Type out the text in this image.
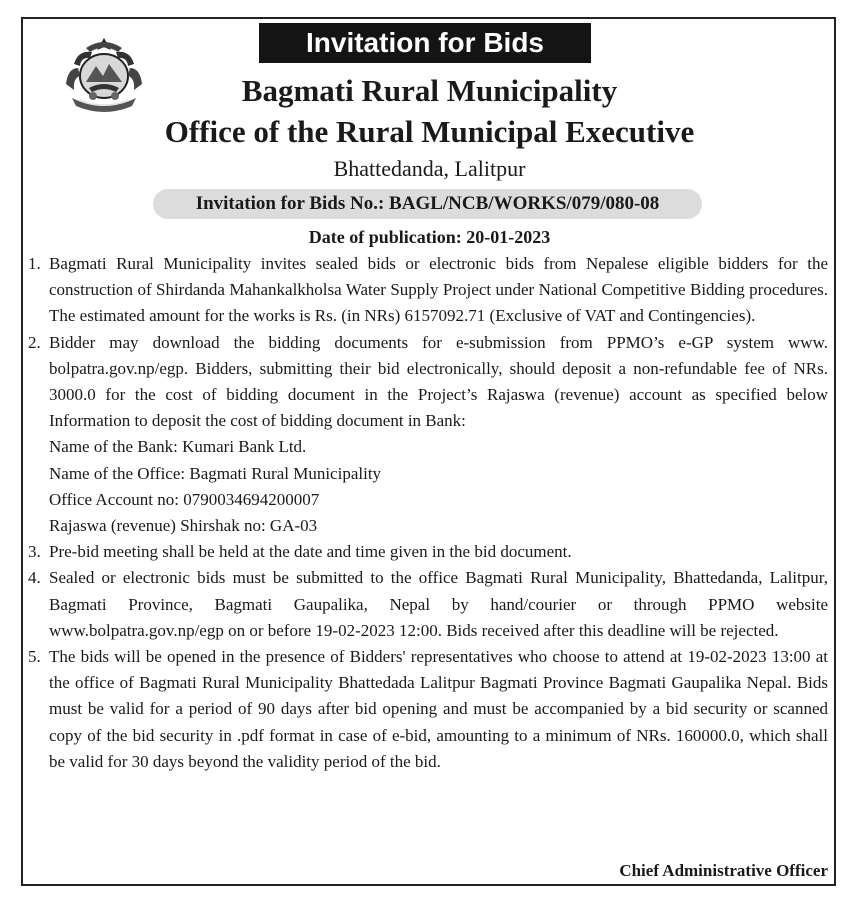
Invitation for Bids
Bagmati Rural Municipality
Office of the Rural Municipal Executive
Bhattedanda, Lalitpur
Invitation for Bids No.: BAGL/NCB/WORKS/079/080-08
Date of publication: 20-01-2023
1. Bagmati Rural Municipality invites sealed bids or electronic bids from Nepalese eligible bidders for the construction of Shirdanda Mahankalkholsa Water Supply Project under National Competitive Bidding procedures. The estimated amount for the works is Rs. (in NRs) 6157092.71 (Exclusive of VAT and Contingencies).
2. Bidder may download the bidding documents for e-submission from PPMO’s e-GP system www. bolpatra.gov.np/egp. Bidders, submitting their bid electronically, should deposit a non-refundable fee of NRs. 3000.0 for the cost of bidding document in the Project’s Rajaswa (revenue) account as specified below Information to deposit the cost of bidding document in Bank:
Name of the Bank: Kumari Bank Ltd.
Name of the Office: Bagmati Rural Municipality
Office Account no: 0790034694200007
Rajaswa (revenue) Shirshak no: GA-03
3. Pre-bid meeting shall be held at the date and time given in the bid document.
4. Sealed or electronic bids must be submitted to the office Bagmati Rural Municipality, Bhattedanda, Lalitpur, Bagmati Province, Bagmati Gaupalika, Nepal by hand/courier or through PPMO website www.bolpatra.gov.np/egp on or before 19-02-2023 12:00. Bids received after this deadline will be rejected.
5. The bids will be opened in the presence of Bidders' representatives who choose to attend at 19-02-2023 13:00 at the office of Bagmati Rural Municipality Bhattedada Lalitpur Bagmati Province Bagmati Gaupalika Nepal. Bids must be valid for a period of 90 days after bid opening and must be accompanied by a bid security or scanned copy of the bid security in .pdf format in case of e-bid, amounting to a minimum of NRs. 160000.0, which shall be valid for 30 days beyond the validity period of the bid.
Chief Administrative Officer
